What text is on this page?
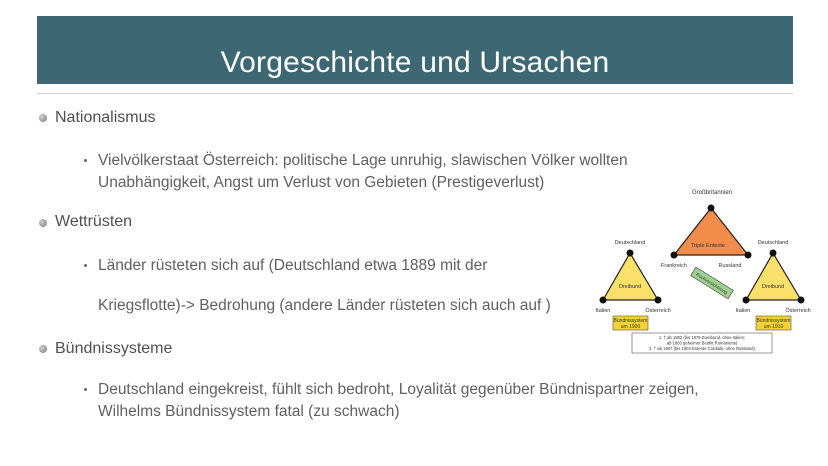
Vorgeschichte und Ursachen
Nationalismus
Vielvölkerstaat Österreich: politische Lage unruhig, slawischen Völker wollten
Unabhängigkeit, Angst um Verlust von Gebieten (Prestigeverlust)
Wettrüsten
Länder rüsteten sich auf (Deutschland etwa 1889 mit der
Kriegsflotte)-> Bedrohung (andere Länder rüsteten sich auch auf )
Bündnissysteme
Deutschland eingekreist, fühlt sich bedroht, Loyalität gegenüber Bündnispartner zeigen,
Wilhelms Bündnissystem fatal (zu schwach)
Großbritannien
Triple Entente
Frankreich	Russland
Deutschland
Dreibund
Italien	Österreich
Bündnissystem
um 1900
Deutschland
Dreibund
Italien	Österreich
Bündnissystem
um 1910
Rückversicherung
1. † ab 1882 (bis 1879 Zweibund, ohne Italien;
ab 1883 geheimer Beitritt Rumäniens)
2. † ab 1907 (bis 1904 Entente Cordiale, ohne Russland)
